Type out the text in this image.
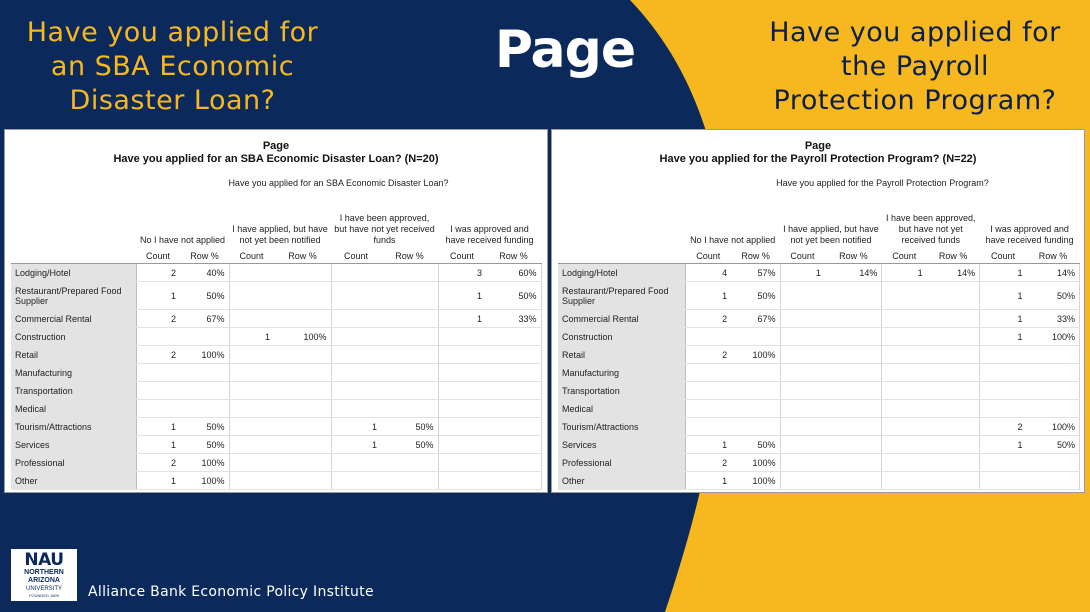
Have you applied for
an SBA Economic
Disaster Loan?
Page	Have you applied for
the Payroll
Protection Program?
Page
Have you applied for an SBA Economic Disaster Loan? (N=20)
	Have you applied for an SBA Economic Disaster Loan?							
	No I have not applied		I have applied, but have not yet been notified		I have been approved, but have not yet received funds		I was approved and have received funding	
	Count	Row %	Count	Row %	Count	Row %	Count	Row %
Lodging/Hotel	2	40%					3	60%
Restaurant/Prepared Food Supplier	1	50%					1	50%
Commercial Rental	2	67%					1	33%
Construction			1	100%				
Retail	2	100%						
Manufacturing								
Transportation								
Medical								
Tourism/Attractions	1	50%			1	50%		
Services	1	50%			1	50%		
Professional	2	100%						
Other	1	100%						
Page
Have you applied for the Payroll Protection Program? (N=22)
	Have you applied for the Payroll Protection Program?							
	No I have not applied		I have applied, but have not yet been notified		I have been approved, but have not yet received funds		I was approved and have received funding	
	Count	Row %	Count	Row %	Count	Row %	Count	Row %
Lodging/Hotel	4	57%	1	14%	1	14%	1	14%
Restaurant/Prepared Food Supplier	1	50%					1	50%
Commercial Rental	2	67%					1	33%
Construction							1	100%
Retail	2	100%						
Manufacturing								
Transportation								
Medical								
Tourism/Attractions							2	100%
Services	1	50%					1	50%
Professional	2	100%						
Other	1	100%						
NAU
NORTHERN
ARIZONA
UNIVERSITY
FOUNDED 1899	Alliance Bank Economic Policy Institute
